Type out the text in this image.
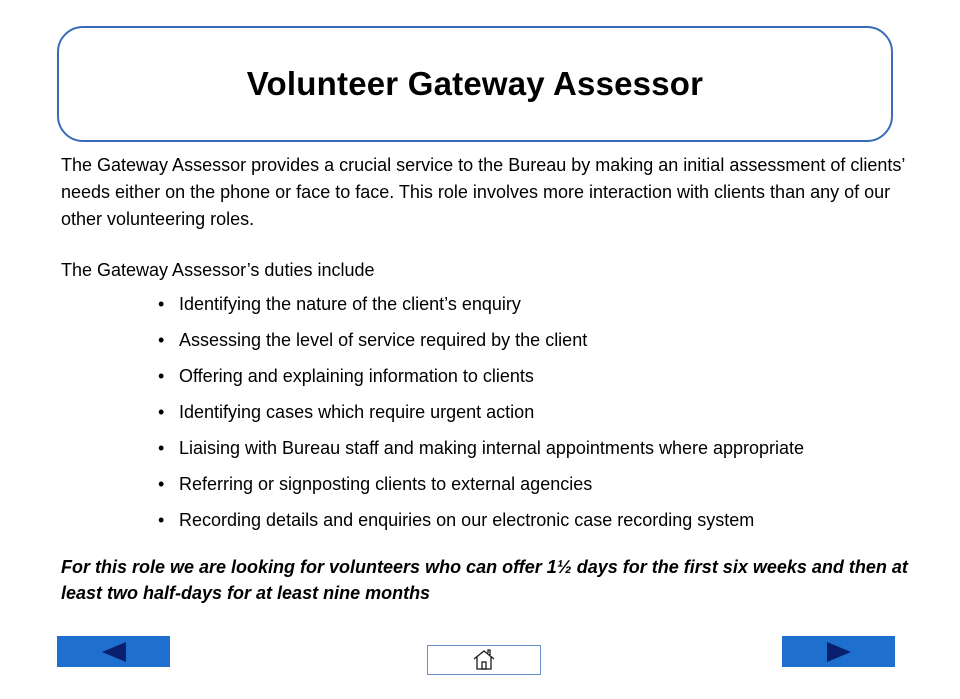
Volunteer Gateway Assessor

The Gateway Assessor provides a crucial service to the Bureau by making an initial assessment of clients’ needs either on the phone or face to face. This role involves more interaction with clients than any of our other volunteering roles.

The Gateway Assessor’s duties include

• Identifying the nature of the client’s enquiry
• Assessing the level of service required by the client
• Offering and explaining information to clients
• Identifying cases which require urgent action
• Liaising with Bureau staff and making internal appointments where appropriate
• Referring or signposting clients to external agencies
• Recording details and enquiries on our electronic case recording system

For this role we are looking for volunteers who can offer 1½ days for the first six weeks and then at least two half-days for at least nine months
